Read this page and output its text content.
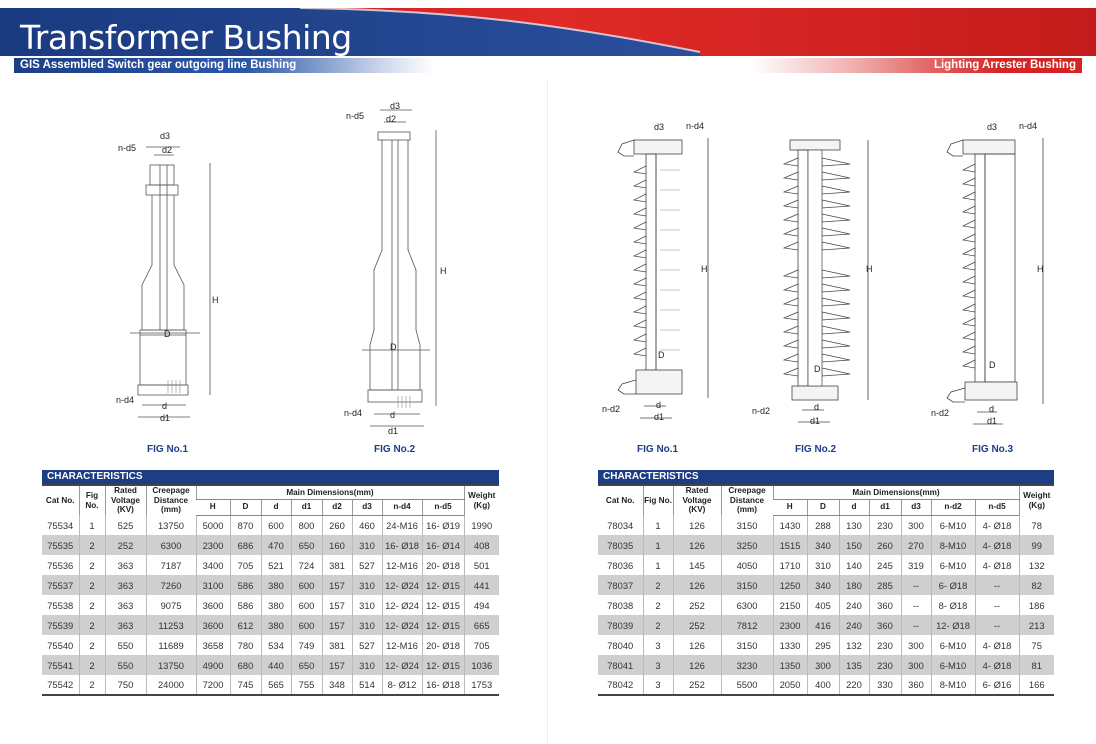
Transformer Bushing
GIS Assembled Switch gear outgoing line Bushing	Lighting Arrester Bushing
n-d5
d3
d2
H
D
n-d4
d
d1
FIG No.1
n-d5
d3
d2
H
D
n-d4	d
d1
FIG No.2
d3 n-d4
H
D
n-d2	d
d1
FIG No.1
H
D
n-d2	d
d1
FIG No.2
d3 n-d4
H
D
n-d2	d
d1
FIG No.3
CHARACTERISTICS
Cat No.	Fig No.	Rated Voltage (KV)	Creepage Distance (mm)	Main Dimensions(mm)								Weight (Kg)
				H	D	d	d1	d2	d3	n-d4	n-d5	
75534	1	525	13750	5000	870	600	800	260	460	24-M16	16- Ø19	1990
75535	2	252	6300	2300	686	470	650	160	310	16- Ø18	16- Ø14	408
75536	2	363	7187	3400	705	521	724	381	527	12-M16	20- Ø18	501
75537	2	363	7260	3100	586	380	600	157	310	12- Ø24	12- Ø15	441
75538	2	363	9075	3600	586	380	600	157	310	12- Ø24	12- Ø15	494
75539	2	363	11253	3600	612	380	600	157	310	12- Ø24	12- Ø15	665
75540	2	550	11689	3658	780	534	749	381	527	12-M16	20- Ø18	705
75541	2	550	13750	4900	680	440	650	157	310	12- Ø24	12- Ø15	1036
75542	2	750	24000	7200	745	565	755	348	514	8- Ø12	16- Ø18	1753
CHARACTERISTICS
Cat No.	Fig No.	Rated Voltage (KV)	Creepage Distance (mm)	Main Dimensions(mm)							Weight (Kg)
				H	D	d	d1	d3	n-d2	n-d5	
78034	1	126	3150	1430	288	130	230	300	6-M10	4- Ø18	78
78035	1	126	3250	1515	340	150	260	270	8-M10	4- Ø18	99
78036	1	145	4050	1710	310	140	245	319	6-M10	4- Ø18	132
78037	2	126	3150	1250	340	180	285	--	6- Ø18	--	82
78038	2	252	6300	2150	405	240	360	--	8- Ø18	--	186
78039	2	252	7812	2300	416	240	360	--	12- Ø18	--	213
78040	3	126	3150	1330	295	132	230	300	6-M10	4- Ø18	75
78041	3	126	3230	1350	300	135	230	300	6-M10	4- Ø18	81
78042	3	252	5500	2050	400	220	330	360	8-M10	6- Ø16	166
